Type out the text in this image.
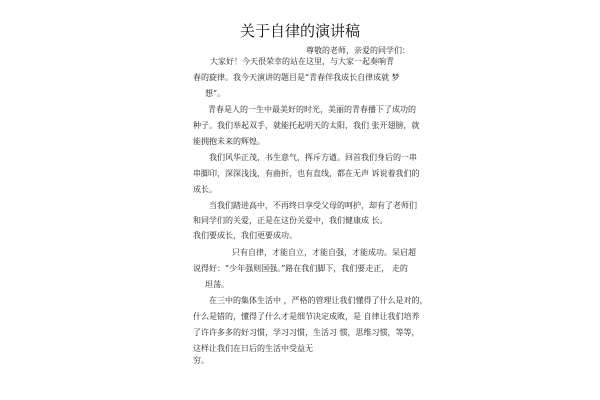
关于自律的演讲稿
尊敬的老师，亲爱的同学们：
大家好！今天很荣幸的站在这里，与大家一起奏响青
春的旋律。我今天演讲的题目是“青春伴我成长自律成就 梦
想”。
青春是人的一生中最美好的时光，美丽的青春播下了成功的
种子。我们举起双手，就能托起明天的太阳，我们 张开翅膀，就
能拥抱未来的辉煌。
我们风华正茂，书生意气，挥斥方遒。回首我们身后的一串
串脚印，深深浅浅，有曲折，也有直线，都在无声 诉说着我们的
成长。
当我们踏进高中，不再终日享受父母的呵护，却有了老师们
和同学们的关爱，正是在这份关爱中，我们健康成 长。
我们要成长，我们更要成功。
只有自律，才能自立，才能自强，才能成功。呆启超
说得好：“少年强则国强。”路在我们脚下，我们要走正， 走的
坦荡。
在三中的集体生活中 ，严格的管理让我们懂得了什么是对的，
什么是错的，懂得了什么才是细节决定成败，是 自律让我们培养
了许许多多的好习惯，学习习惯，生活习 惯，思维习惯，等等，
这样让我们在日后的生活中受益无
穷。
